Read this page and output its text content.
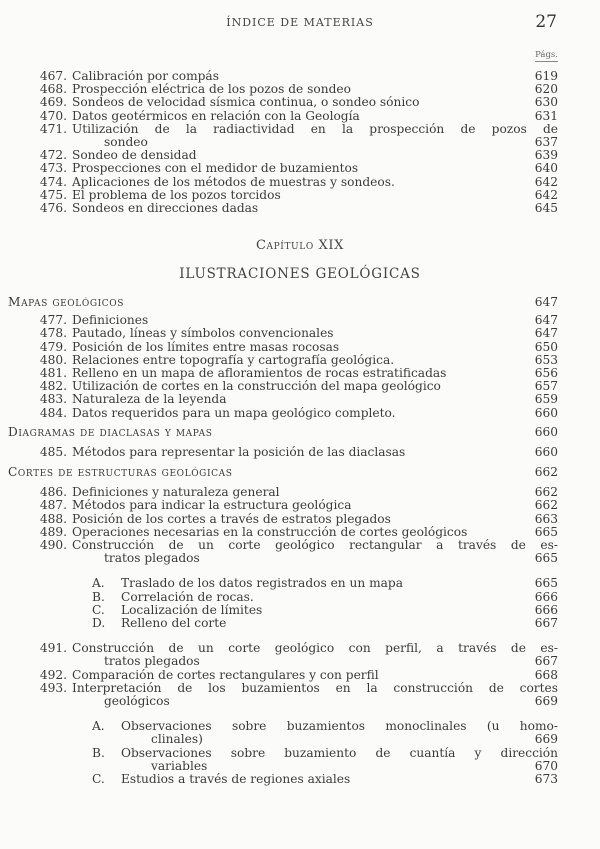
ÍNDICE DE MATERIAS	27
Págs.
Capítulo XIX
ILUSTRACIONES GEOLÓGICAS
467. Calibración por compás	619
468. Prospección eléctrica de los pozos de sondeo	620
469. Sondeos de velocidad sísmica continua, o sondeo sónico	630
470. Datos geotérmicos en relación con la Geología	631
471. Utilización de la radiactividad en la prospección de pozos de
sondeo	637
472. Sondeo de densidad	639
473. Prospecciones con el medidor de buzamientos	640
474. Aplicaciones de los métodos de muestras y sondeos.	642
475. El problema de los pozos torcidos	642
476. Sondeos en direcciones dadas	645
Mapas geológicos	647
477. Definiciones	647
478. Pautado, líneas y símbolos convencionales	647
479. Posición de los límites entre masas rocosas	650
480. Relaciones entre topografía y cartografía geológica.	653
481. Relleno en un mapa de afloramientos de rocas estratificadas	656
482. Utilización de cortes en la construcción del mapa geológico	657
483. Naturaleza de la leyenda	659
484. Datos requeridos para un mapa geológico completo.	660
Diagramas de diaclasas y mapas	660
485. Métodos para representar la posición de las diaclasas	660
Cortes de estructuras geológicas	662
486. Definiciones y naturaleza general	662
487. Métodos para indicar la estructura geológica	662
488. Posición de los cortes a través de estratos plegados	663
489. Operaciones necesarias en la construcción de cortes geológicos	665
490. Construcción de un corte geológico rectangular a través de es-
tratos plegados	665
A.	Traslado de los datos registrados en un mapa	665
B.	Correlación de rocas.	666
C.	Localización de límites	666
D.	Relleno del corte	667
491. Construcción de un corte geológico con perfil, a través de es-
tratos plegados	667
492. Comparación de cortes rectangulares y con perfil	668
493. Interpretación de los buzamientos en la construcción de cortes
geológicos	669
A.	Observaciones sobre buzamientos monoclinales (u homo-
clinales)	669
B.	Observaciones sobre buzamiento de cuantía y dirección
variables	670
C.	Estudios a través de regiones axiales	673
